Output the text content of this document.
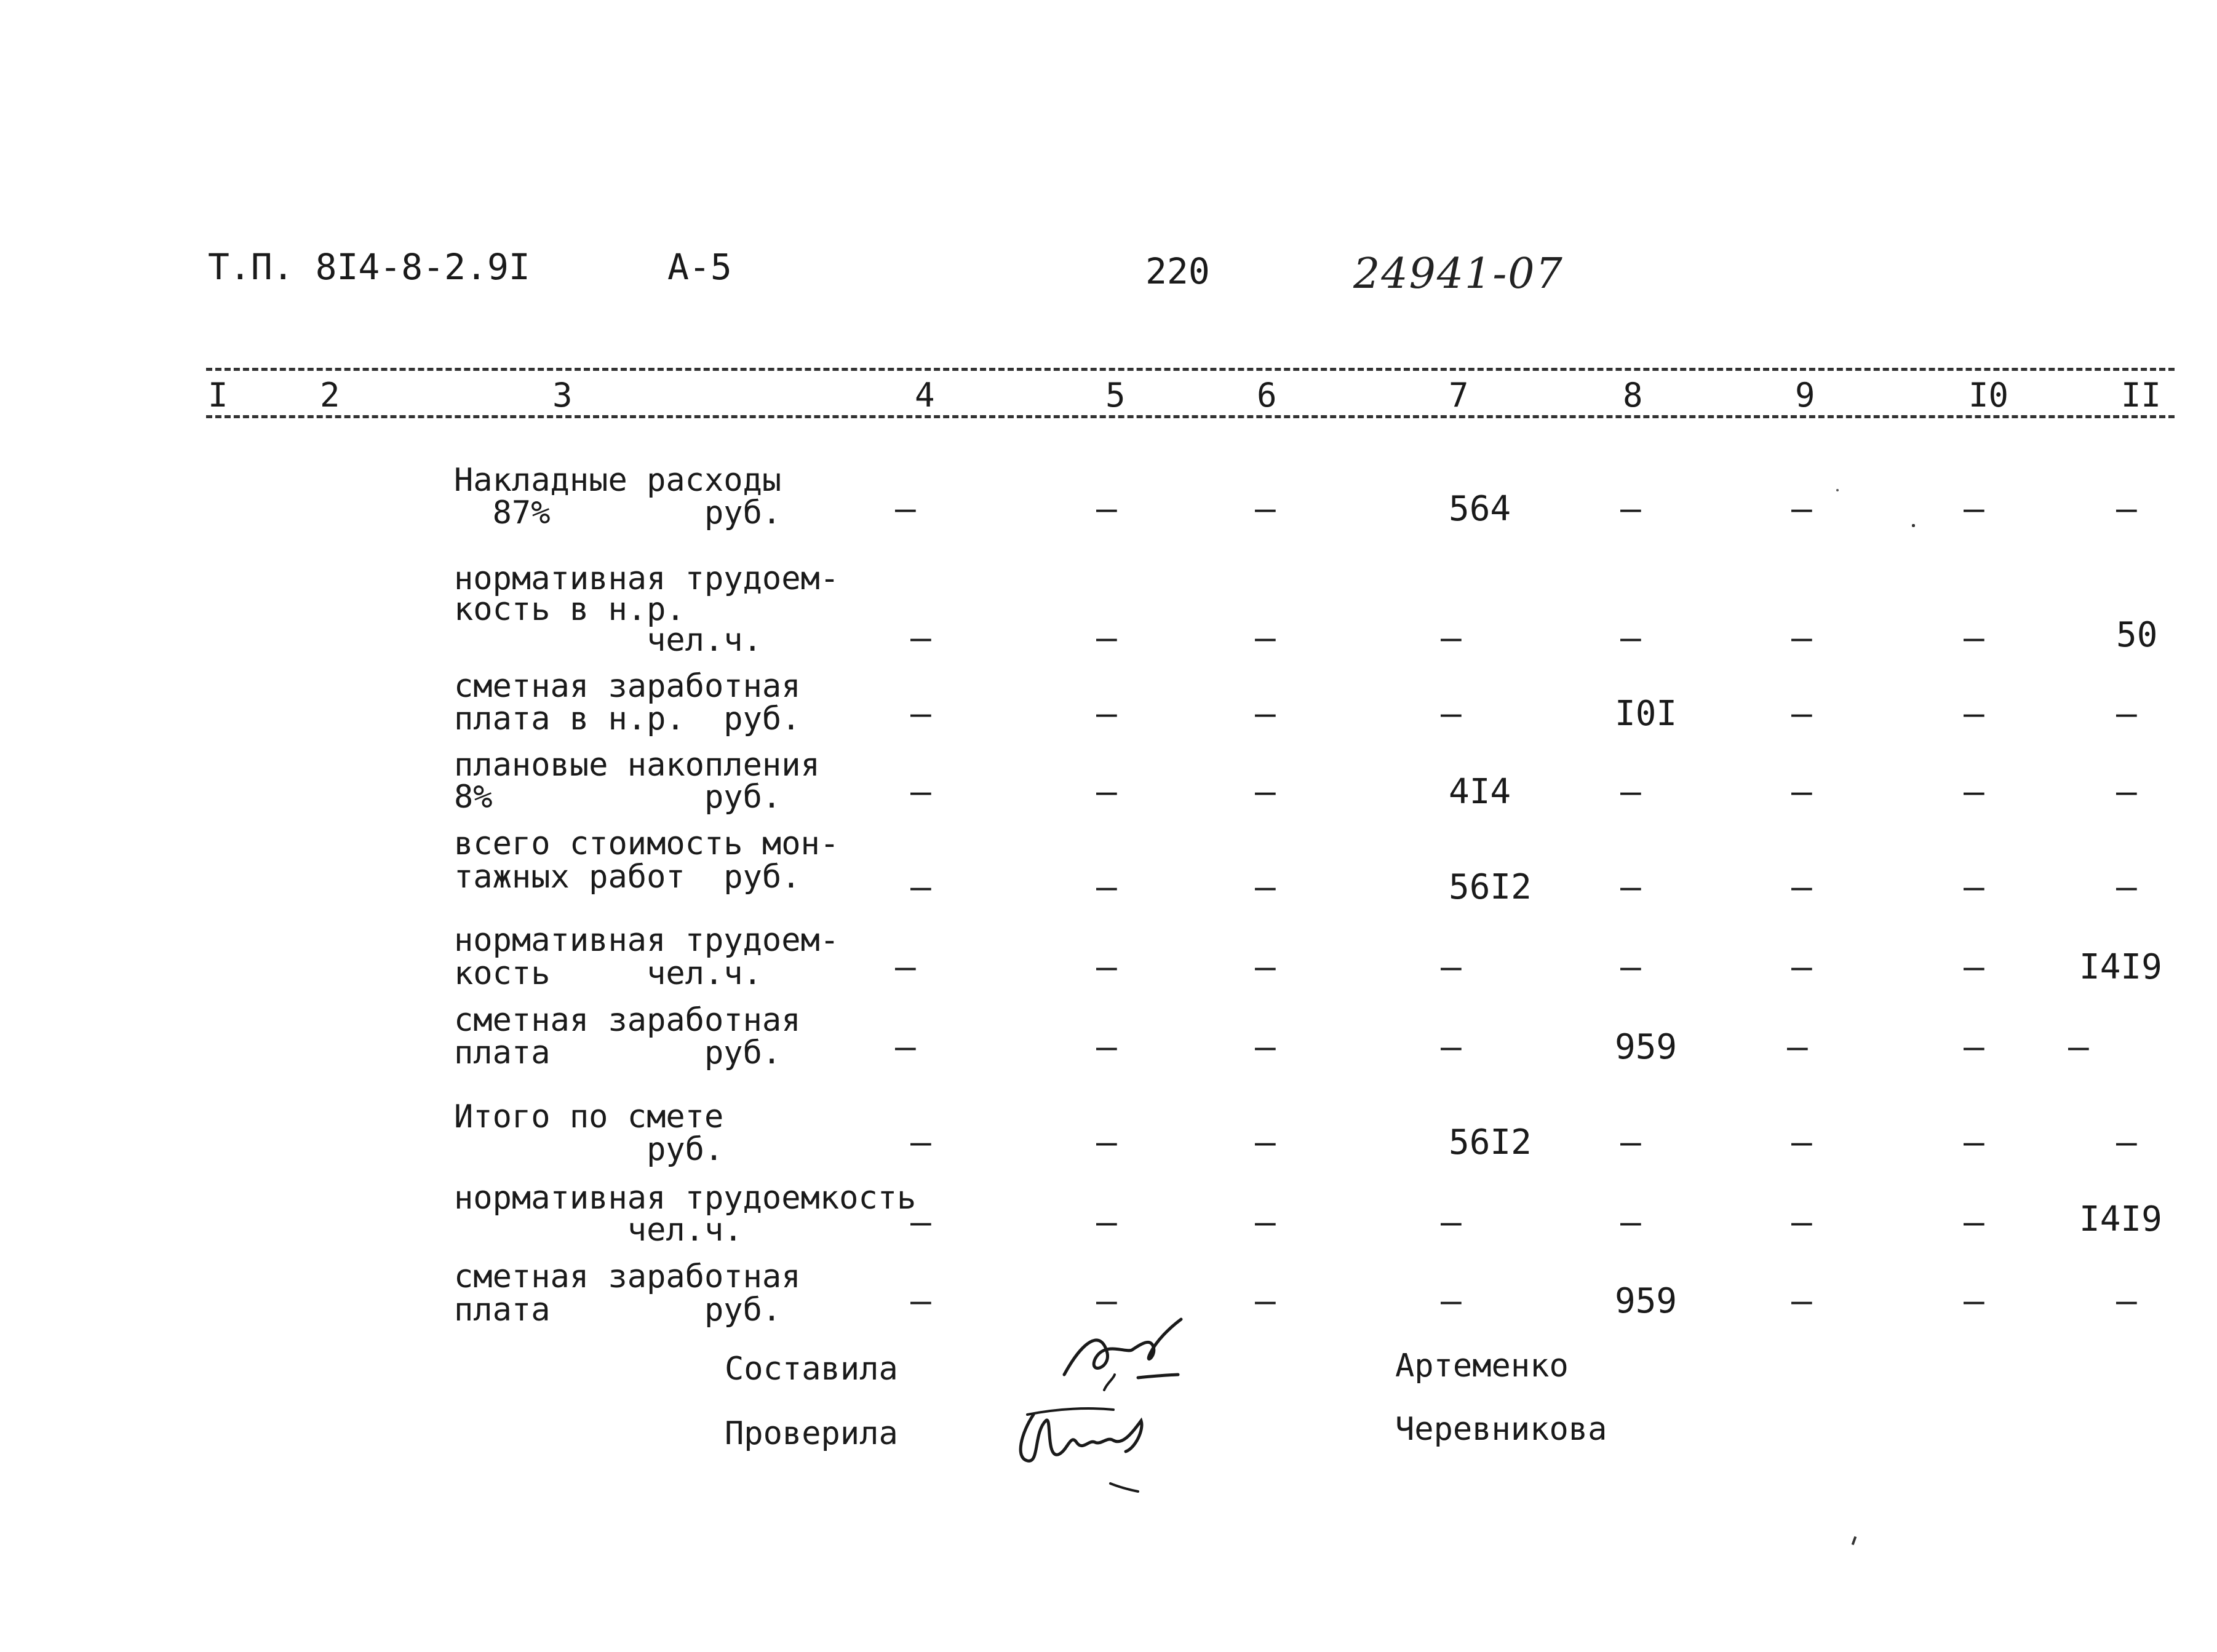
Т.П. 8I4-8-2.9I	А-5	220	24941-07
I	2	3	4	5	6	7	8	9	I0	II
Накладные расходы
87%        руб.	–	–	–	564	–	–	–	–
нормативная трудоем-
кость в н.р.
чел.ч.	–	–	–	–	–	–	–	50
сметная заработная
плата в н.р.  руб.	–	–	–	–	I0I	–	–	–
плановые накопления
8%           руб.	–	–	–	4I4	–	–	–	–
всего стоимость мон-
тажных работ  руб.	–	–	–	56I2	–	–	–	–
нормативная трудоем-
кость     чел.ч.	–	–	–	–	–	–	–	I4I9
сметная заработная
плата        руб.	–	–	–	–	959	–	– –
Итого по смете
руб.	–	–	–	56I2	–	–	–	–
нормативная трудоемкость
чел.ч.	–	–	–	–	–	–	–	I4I9
сметная заработная
плата        руб.	–	–	–	–	959	–	–	–
Составила	Артеменко
Проверила	Черевникова
